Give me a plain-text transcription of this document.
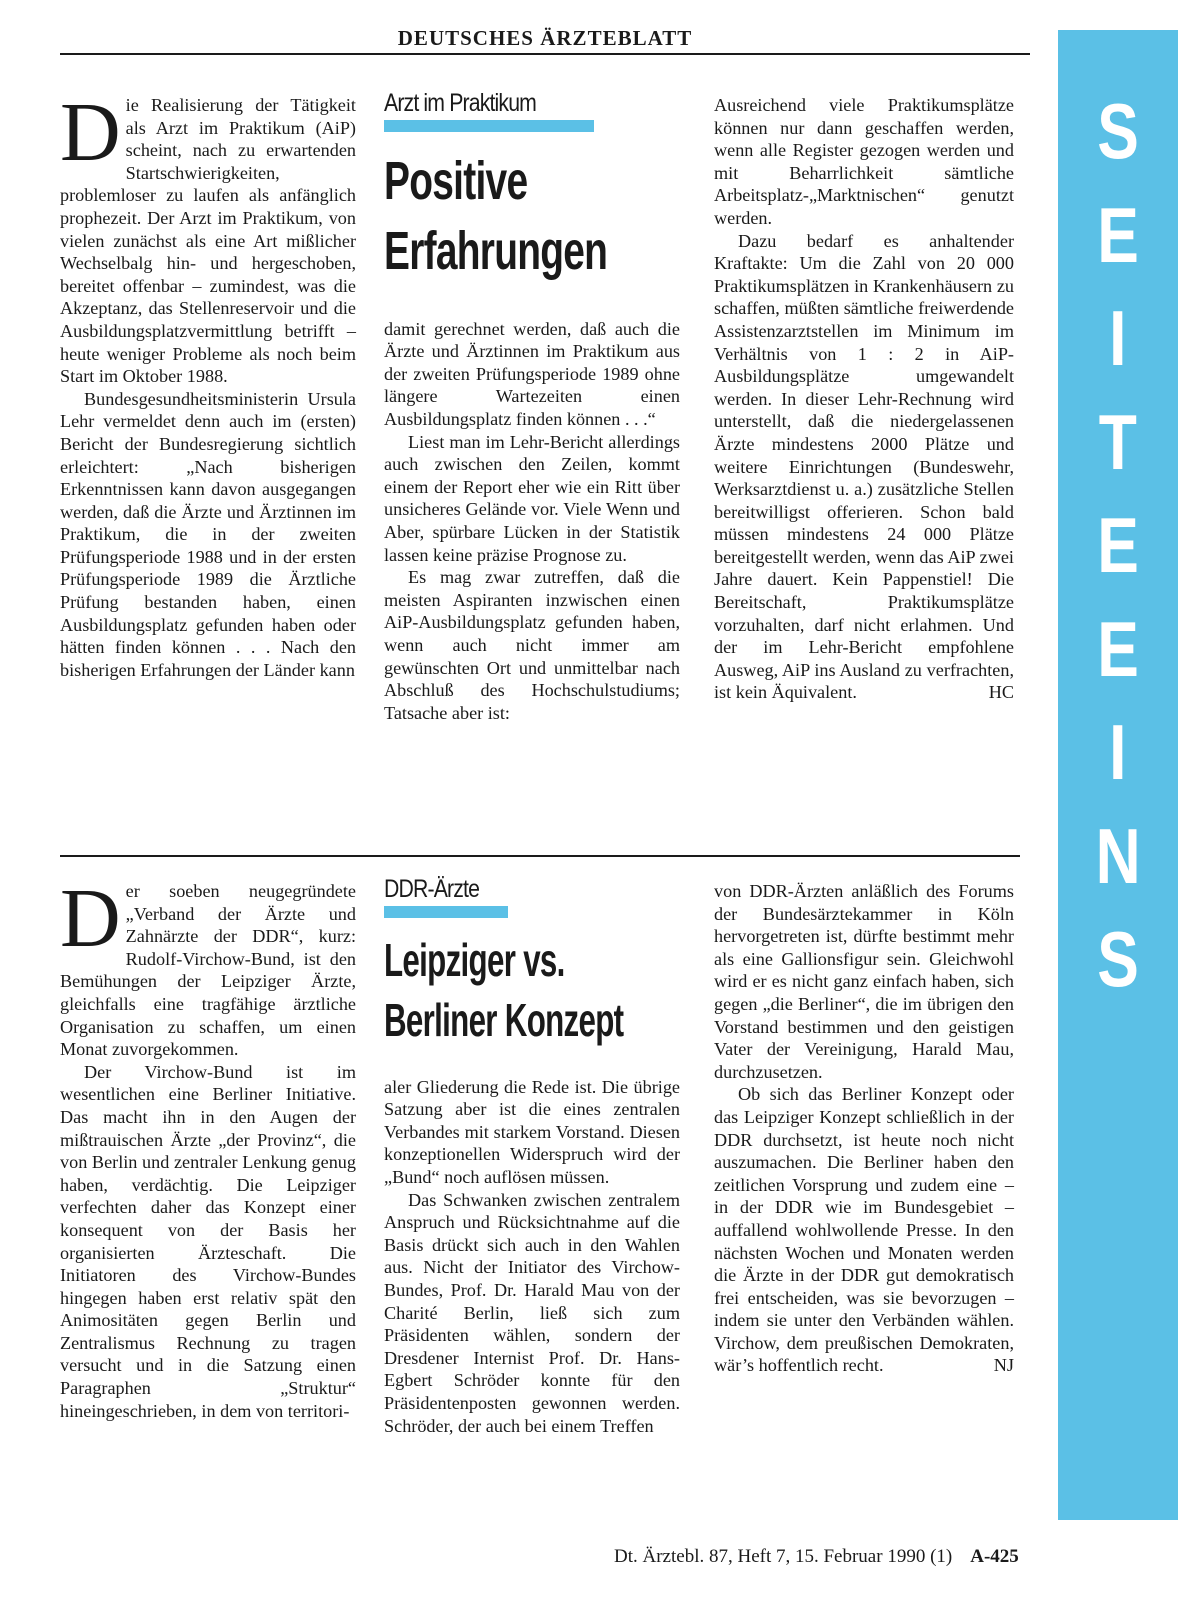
S
E
I
T
E
E
I
N
S
DEUTSCHES ÄRZTEBLATT

Die Realisierung der Tätigkeit als Arzt im Praktikum (AiP) scheint, nach zu erwartenden Startschwierigkeiten, problemloser zu laufen als anfänglich prophezeit. Der Arzt im Praktikum, von vielen zunächst als eine Art mißlicher Wechselbalg hin- und hergeschoben, bereitet offenbar – zumindest, was die Akzeptanz, das Stellenreservoir und die Ausbildungsplatzvermittlung betrifft – heute weniger Probleme als noch beim Start im Oktober 1988.

Bundesgesundheitsministerin Ursula Lehr vermeldet denn auch im (ersten) Bericht der Bundesregierung sichtlich erleichtert: „Nach bisherigen Erkenntnissen kann davon ausgegangen werden, daß die Ärzte und Ärztinnen im Praktikum, die in der zweiten Prüfungsperiode 1988 und in der ersten Prüfungsperiode 1989 die Ärztliche Prüfung bestanden haben, einen Ausbildungsplatz gefunden haben oder hätten finden können . . . Nach den bisherigen Erfahrungen der Länder kann

Arzt im Praktikum
Positive
Erfahrungen

damit gerechnet werden, daß auch die Ärzte und Ärztinnen im Praktikum aus der zweiten Prüfungsperiode 1989 ohne längere Wartezeiten einen Ausbildungsplatz finden können . . .“

Liest man im Lehr-Bericht allerdings auch zwischen den Zeilen, kommt einem der Report eher wie ein Ritt über unsicheres Gelände vor. Viele Wenn und Aber, spürbare Lücken in der Statistik lassen keine präzise Prognose zu.

Es mag zwar zutreffen, daß die meisten Aspiranten inzwischen einen AiP-Ausbildungsplatz gefunden haben, wenn auch nicht immer am gewünschten Ort und unmittelbar nach Abschluß des Hochschulstudiums; Tatsache aber ist:

Ausreichend viele Praktikumsplätze können nur dann geschaffen werden, wenn alle Register gezogen werden und mit Beharrlichkeit sämtliche Arbeitsplatz-„Marktnischen“ genutzt werden.

Dazu bedarf es anhaltender Kraftakte: Um die Zahl von 20 000 Praktikumsplätzen in Krankenhäusern zu schaffen, müßten sämtliche freiwerdende Assistenzarztstellen im Minimum im Verhältnis von 1 : 2 in AiP-Ausbildungsplätze umgewandelt werden. In dieser Lehr-Rechnung wird unterstellt, daß die niedergelassenen Ärzte mindestens 2000 Plätze und weitere Einrichtungen (Bundeswehr, Werksarztdienst u. a.) zusätzliche Stellen bereitwilligst offerieren. Schon bald müssen mindestens 24 000 Plätze bereitgestellt werden, wenn das AiP zwei Jahre dauert. Kein Pappenstiel! Die Bereitschaft, Praktikumsplätze vorzuhalten, darf nicht erlahmen. Und der im Lehr-Bericht empfohlene Ausweg, AiP ins Ausland zu verfrachten, ist kein Äquivalent.	HC

Der soeben neugegründete „Verband der Ärzte und Zahnärzte der DDR“, kurz: Rudolf-Virchow-Bund, ist den Bemühungen der Leipziger Ärzte, gleichfalls eine tragfähige ärztliche Organisation zu schaffen, um einen Monat zuvorgekommen.

Der Virchow-Bund ist im wesentlichen eine Berliner Initiative. Das macht ihn in den Augen der mißtrauischen Ärzte „der Provinz“, die von Berlin und zentraler Lenkung genug haben, verdächtig. Die Leipziger verfechten daher das Konzept einer konsequent von der Basis her organisierten Ärzteschaft. Die Initiatoren des Virchow-Bundes hingegen haben erst relativ spät den Animositäten gegen Berlin und Zentralismus Rechnung zu tragen versucht und in die Satzung einen Paragraphen „Struktur“ hineingeschrieben, in dem von territori-

DDR-Ärzte
Leipziger vs.
Berliner Konzept

aler Gliederung die Rede ist. Die übrige Satzung aber ist die eines zentralen Verbandes mit starkem Vorstand. Diesen konzeptionellen Widerspruch wird der „Bund“ noch auflösen müssen.

Das Schwanken zwischen zentralem Anspruch und Rücksichtnahme auf die Basis drückt sich auch in den Wahlen aus. Nicht der Initiator des Virchow-Bundes, Prof. Dr. Harald Mau von der Charité Berlin, ließ sich zum Präsidenten wählen, sondern der Dresdener Internist Prof. Dr. Hans-Egbert Schröder konnte für den Präsidentenposten gewonnen werden. Schröder, der auch bei einem Treffen

von DDR-Ärzten anläßlich des Forums der Bundesärztekammer in Köln hervorgetreten ist, dürfte bestimmt mehr als eine Gallionsfigur sein. Gleichwohl wird er es nicht ganz einfach haben, sich gegen „die Berliner“, die im übrigen den Vorstand bestimmen und den geistigen Vater der Vereinigung, Harald Mau, durchzusetzen.

Ob sich das Berliner Konzept oder das Leipziger Konzept schließlich in der DDR durchsetzt, ist heute noch nicht auszumachen. Die Berliner haben den zeitlichen Vorsprung und zudem eine – in der DDR wie im Bundesgebiet – auffallend wohlwollende Presse. In den nächsten Wochen und Monaten werden die Ärzte in der DDR gut demokratisch frei entscheiden, was sie bevorzugen – indem sie unter den Verbänden wählen. Virchow, dem preußischen Demokraten, wär’s hoffentlich recht.	NJ

Dt. Ärztebl. 87, Heft 7, 15. Februar 1990 (1) A-425
